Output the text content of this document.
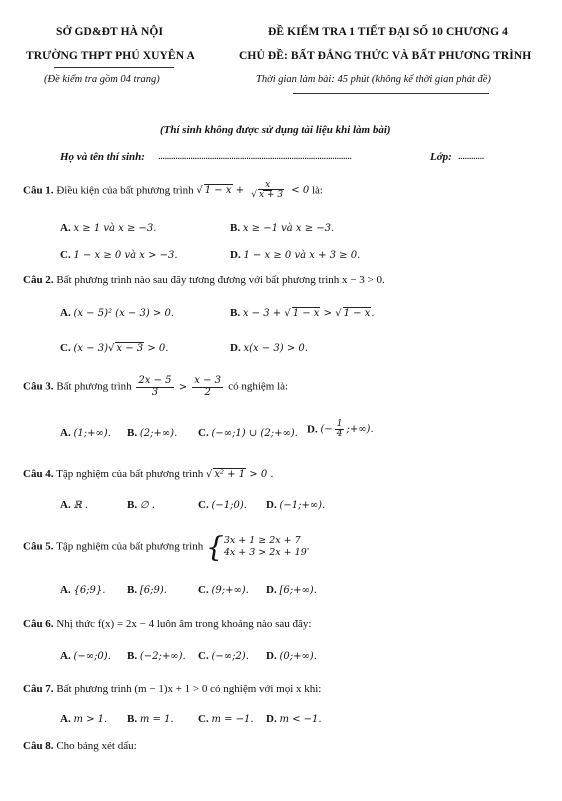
SỞ GD&ĐT HÀ NỘI
TRƯỜNG THPT PHÚ XUYÊN A
(Đề kiểm tra gồm 04 trang)
ĐỀ KIỂM TRA 1 TIẾT ĐẠI SỐ 10 CHƯƠNG 4
CHỦ ĐỀ: BẤT ĐẲNG THỨC VÀ BẤT PHƯƠNG TRÌNH
Thời gian làm bài: 45 phút (không kể thời gian phát đề)
(Thí sinh không được sử dụng tài liệu khi làm bài)
Họ và tên thí sinh: ..........................................................................................	Lớp: ............
Câu 1. Điều kiện của bất phương trình √ $1 - x + \frac{x}{√ x + 3} < 0$ là:
A. x ≥ 1 và x ≥ −3.	B. x ≥ −1 và x ≥ −3.
C. 1 − x ≥ 0 và x > −3.	D. 1 − x ≥ 0 và x + 3 ≥ 0.
Câu 2. Bất phương trình nào sau đây tương đương với bất phương trình x − 3 > 0.
A. (x − 5)² (x − 3) > 0.	B. x − 3 + √ 1 − x > √ 1 − x.
C. (x − 3)√ x − 3 > 0.	D. x(x − 3) > 0.
Câu 3. Bất phương trình $\frac{2x - 5}{3} > \frac{x - 3}{2}$ có nghiệm là:
A. (1;+∞). B. (2;+∞). C. (−∞;1) ∪ (2;+∞). D. (− $\frac{1}{4}$ ;+∞).
Câu 4. Tập nghiệm của bất phương trình √ x² + 1 > 0 .
A. ℝ .	B. ∅ .	C. (−1;0). D. (−1;+∞).
Câu 5. Tập nghiệm của bất phương trình { 3x + 1 ≥ 2x + 7
4x + 3 > 2x + 19 .
A. {6;9}. B. [6;9).	C. (9;+∞). D. [6;+∞).
Câu 6. Nhị thức f(x) = 2x − 4 luôn âm trong khoảng nào sau đây:
A. (−∞;0). B. (−2;+∞). C. (−∞;2). D. (0;+∞).
Câu 7. Bất phương trình (m − 1)x + 1 > 0 có nghiệm với mọi x khi:
A. m > 1. B. m = 1. C. m = −1. D. m < −1.
Câu 8. Cho bảng xét dấu:
